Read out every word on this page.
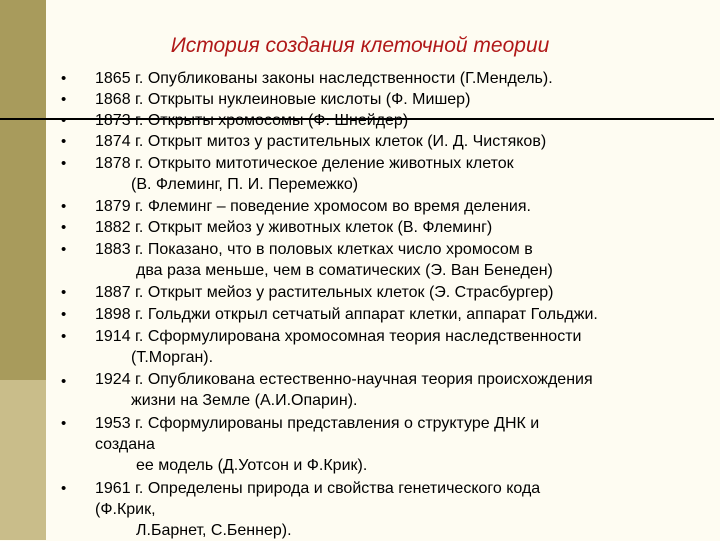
История создания клеточной теории
• 1865 г. Опубликованы законы наследственности (Г.Мендель).
• 1868 г. Открыты нуклеиновые кислоты (Ф. Мишер)
• 1873 г. Открыты хромосомы (Ф. Шнейдер)
• 1874 г. Открыт митоз у растительных клеток (И. Д. Чистяков)
• 1878 г. Открыто митотическое деление животных клеток
(В. Флеминг, П. И. Перемежко)
• 1879 г. Флеминг – поведение хромосом во время деления.
• 1882 г. Открыт мейоз у животных клеток (В. Флеминг)
• 1883 г. Показано, что в половых клетках число хромосом в
два раза меньше, чем в соматических (Э. Ван Бенеден)
• 1887 г. Открыт мейоз у растительных клеток (Э. Страсбургер)
• 1898 г. Гольджи открыл сетчатый аппарат клетки, аппарат Гольджи.
• 1914 г. Сформулирована хромосомная теория наследственности
(Т.Морган).
• 1924 г. Опубликована естественно-научная теория происхождения
жизни на Земле (А.И.Опарин).
• 1953 г. Сформулированы представления о структуре ДНК и
создана
ее модель (Д.Уотсон и Ф.Крик).
• 1961 г. Определены природа и свойства генетического кода
(Ф.Крик,
Л.Барнет, С.Беннер).
